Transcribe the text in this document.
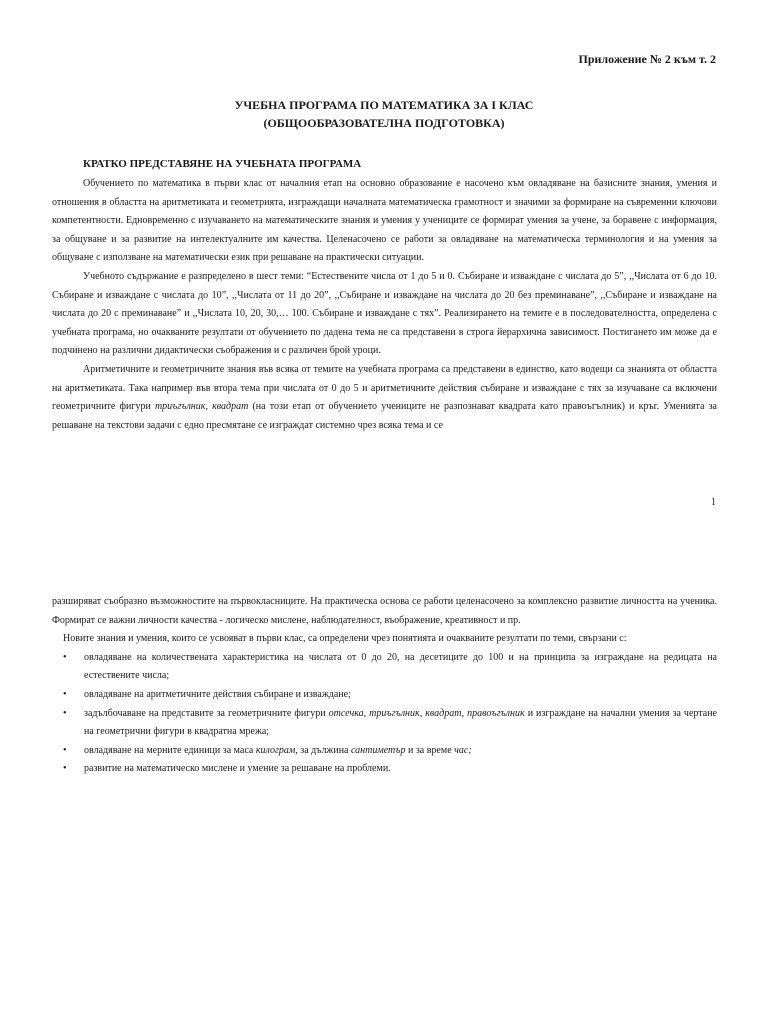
Приложение № 2 към т. 2
УЧЕБНА ПРОГРАМА ПО МАТЕМАТИКА ЗА I КЛАС
(ОБЩООБРАЗОВАТЕЛНА ПОДГОТОВКА)
КРАТКО ПРЕДСТАВЯНЕ НА УЧЕБНАТА ПРОГРАМА

Обучението по математика в първи клас от началния етап на основно образование е насочено към овладяване на базисните знания, умения и отношения в областта на аритметиката и геометрията, изграждащи началната математическа грамотност и значими за формиране на съвременни ключови компетентности. Едновременно с изучаването на математическите знания и умения у учениците се формират умения за учене, за боравене с информация, за общуване и за развитие на интелектуалните им качества. Целенасочено се работи за овладяване на математическа терминология и на умения за общуване с използване на математически език при решаване на практически ситуации.

Учебното съдържание е разпределено в шест теми: “Естествените числа от 1 до 5 и 0. Събиране и изваждане с числата до 5”, ,,Числата от 6 до 10. Събиране и изваждане с числата до 10”, ,,Числата от 11 до 20”, ,,Събиране и изваждане на числата до 20 без преминаване”, ,,Събиране и изваждане на числата до 20 с преминаване” и ,,Числата 10, 20, 30,… 100. Събиране и изваждане с тях”. Реализирането на темите е в последователността, определена с учебната програма, но очакваните резултати от обучението по дадена тема не са представени в строга йерархична зависимост. Постигането им може да е подчинено на различни дидактически съображения и с различен брой уроци.

Аритметичните и геометричните знания във всяка от темите на учебната програма са представени в единство, като водещи са знанията от областта на аритметиката. Така например във втора тема при числата от 0 до 5 и аритметичните действия събиране и изваждане с тях за изучаване са включени геометричните фигури триъгълник, квадрат (на този етап от обучението учениците не разпознават квадрата като правоъгълник) и кръг. Уменията за решаване на текстови задачи с едно пресмятане се изграждат системно чрез всяка тема и се

1

разширяват съобразно възможностите на първокласниците. На практическа основа се работи целенасочено за комплексно развитие личността на ученика. Формират се важни личности качества - логическо мислене, наблюдателност, въображение, креативност и пр.

Новите знания и умения, които се усвояват в първи клас, са определени чрез понятията и очакваните резултати по теми, свързани с:

• овладяване на количествената характеристика на числата от 0 до 20, на десетиците до 100 и на принципа за изграждане на редицата на естествените числа;
• овладяване на аритметичните действия събиране и изваждане;
• задълбочаване на представите за геометричните фигури отсечка, триъгълник, квадрат, правоъгълник и изграждане на начални умения за чертане на геометрични фигури в квадратна мрежа;
• овладяване на мерните единици за маса килограм, за дължина сантиметър и за време час;
• развитие на математическо мислене и умение за решаване на проблеми.
